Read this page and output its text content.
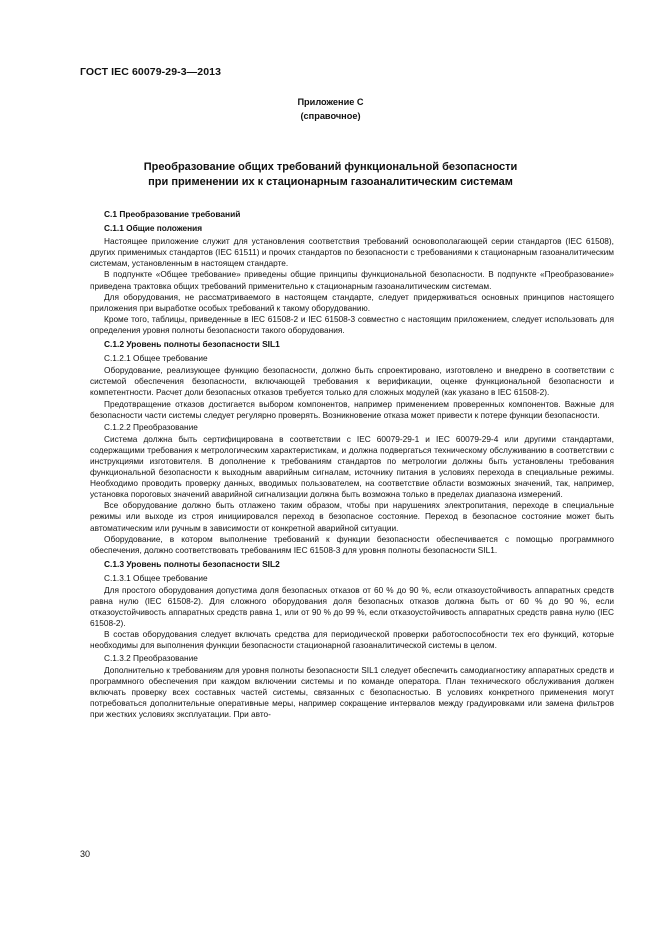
ГОСТ IEC 60079-29-3—2013
Приложение С
(справочное)
Преобразование общих требований функциональной безопасности
при применении их к стационарным газоаналитическим системам

С.1 Преобразование требований

С.1.1 Общие положения

Настоящее приложение служит для установления соответствия требований основополагающей серии стандартов (IEC 61508), других применимых стандартов (IEC 61511) и прочих стандартов по безопасности с требованиями к стационарным газоаналитическим системам, установленным в настоящем стандарте.

В подпункте «Общее требование» приведены общие принципы функциональной безопасности. В подпункте «Преобразование» приведена трактовка общих требований применительно к стационарным газоаналитическим системам.

Для оборудования, не рассматриваемого в настоящем стандарте, следует придерживаться основных принципов настоящего приложения при выработке особых требований к такому оборудованию.

Кроме того, таблицы, приведенные в IEC 61508-2 и IEC 61508-3 совместно с настоящим приложением, следует использовать для определения уровня полноты безопасности такого оборудования.

С.1.2 Уровень полноты безопасности SIL1

С.1.2.1 Общее требование

Оборудование, реализующее функцию безопасности, должно быть спроектировано, изготовлено и внедрено в соответствии с системой обеспечения безопасности, включающей требования к верификации, оценке функциональной безопасности и компетентности. Расчет доли безопасных отказов требуется только для сложных модулей (как указано в IEC 61508-2).

Предотвращение отказов достигается выбором компонентов, например применением проверенных компонентов. Важные для безопасности части системы следует регулярно проверять. Возникновение отказа может привести к потере функции безопасности.

С.1.2.2 Преобразование

Система должна быть сертифицирована в соответствии с IEC 60079-29-1 и IEC 60079-29-4 или другими стандартами, содержащими требования к метрологическим характеристикам, и должна подвергаться техническому обслуживанию в соответствии с инструкциями изготовителя. В дополнение к требованиям стандартов по метрологии должны быть установлены требования функциональной безопасности к выходным аварийным сигналам, источнику питания в условиях перехода в специальные режимы. Необходимо проводить проверку данных, вводимых пользователем, на соответствие области возможных значений, так, например, установка пороговых значений аварийной сигнализации должна быть возможна только в пределах диапазона измерений.

Все оборудование должно быть отлажено таким образом, чтобы при нарушениях электропитания, переходе в специальные режимы или выходе из строя инициировался переход в безопасное состояние. Переход в безопасное состояние может быть автоматическим или ручным в зависимости от конкретной аварийной ситуации.

Оборудование, в котором выполнение требований к функции безопасности обеспечивается с помощью программного обеспечения, должно соответствовать требованиям IEC 61508-3 для уровня полноты безопасности SIL1.

С.1.3 Уровень полноты безопасности SIL2

С.1.3.1 Общее требование

Для простого оборудования допустима доля безопасных отказов от 60 % до 90 %, если отказоустойчивость аппаратных средств равна нулю (IEC 61508-2). Для сложного оборудования доля безопасных отказов должна быть от 60 % до 90 %, если отказоустойчивость аппаратных средств равна 1, или от 90 % до 99 %, если отказоустойчивость аппаратных средств равна нулю (IEC 61508-2).

В состав оборудования следует включать средства для периодической проверки работоспособности тех его функций, которые необходимы для выполнения функции безопасности стационарной газоаналитической системы в целом.

С.1.3.2 Преобразование

Дополнительно к требованиям для уровня полноты безопасности SIL1 следует обеспечить самодиагностику аппаратных средств и программного обеспечения при каждом включении системы и по команде оператора. План технического обслуживания должен включать проверку всех составных частей системы, связанных с безопасностью. В условиях конкретного применения могут потребоваться дополнительные оперативные меры, например сокращение интервалов между градуировками или замена фильтров при жестких условиях эксплуатации. При авто-

30
